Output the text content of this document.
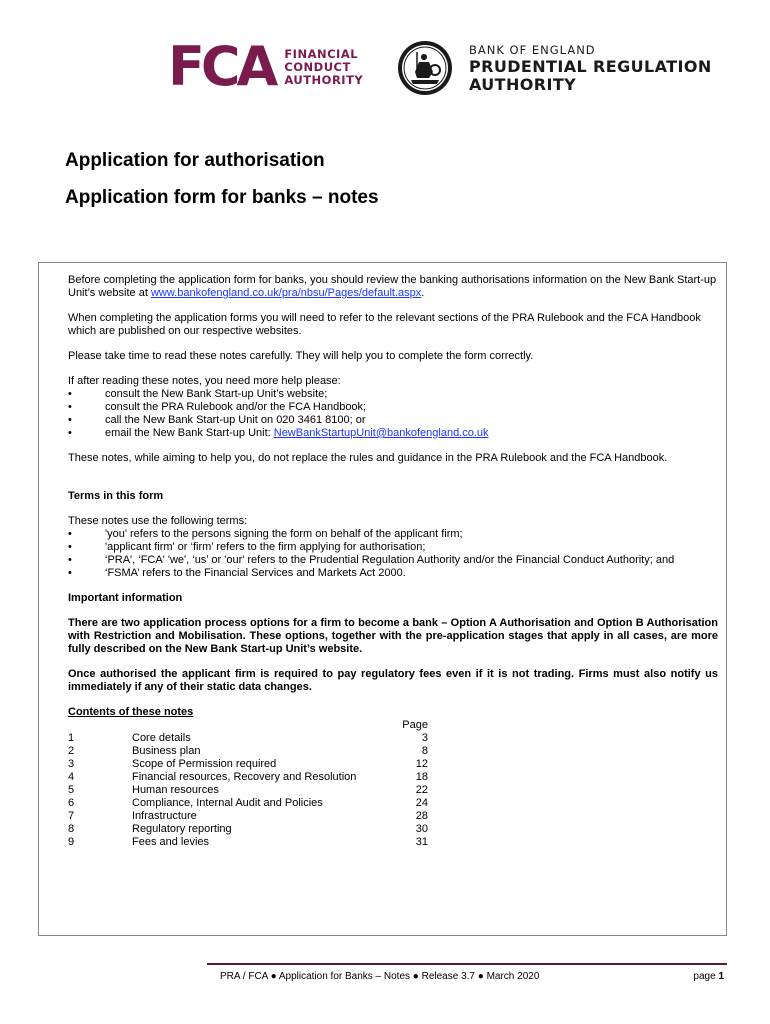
FCA FINANCIAL
CONDUCT
AUTHORITY
BANK OF ENGLAND
PRUDENTIAL REGULATION
AUTHORITY
Application for authorisation
Application form for banks – notes

Before completing the application form for banks, you should review the banking authorisations information on the New Bank Start-up Unit’s website at www.bankofengland.co.uk/pra/nbsu/Pages/default.aspx.

When completing the application forms you will need to refer to the relevant sections of the PRA Rulebook and the FCA Handbook which are published on our respective websites.

Please take time to read these notes carefully. They will help you to complete the form correctly.

If after reading these notes, you need more help please:

• consult the New Bank Start-up Unit’s website;
• consult the PRA Rulebook and/or the FCA Handbook;
• call the New Bank Start-up Unit on 020 3461 8100; or
• email the New Bank Start-up Unit: NewBankStartupUnit@bankofengland.co.uk

These notes, while aiming to help you, do not replace the rules and guidance in the PRA Rulebook and the FCA Handbook.

Terms in this form

These notes use the following terms:

• 'you' refers to the persons signing the form on behalf of the applicant firm;
• 'applicant firm' or ‘firm’ refers to the firm applying for authorisation;
• ‘PRA', ‘FCA' 'we', ‘us’ or 'our' refers to the Prudential Regulation Authority and/or the Financial Conduct Authority; and
• ‘FSMA’ refers to the Financial Services and Markets Act 2000.

Important information

There are two application process options for a firm to become a bank – Option A Authorisation and Option B Authorisation with Restriction and Mobilisation. These options, together with the pre-application stages that apply in all cases, are more fully described on the New Bank Start-up Unit’s website.

Once authorised the applicant firm is required to pay regulatory fees even if it is not trading. Firms must also notify us immediately if any of their static data changes.

Contents of these notes

Page
1	Core details	3
2	Business plan	8
3	Scope of Permission required	12
4	Financial resources, Recovery and Resolution	18
5	Human resources	22
6	Compliance, Internal Audit and Policies	24
7	Infrastructure	28
8	Regulatory reporting	30
9	Fees and levies	31
PRA / FCA ● Application for Banks – Notes ● Release 3.7 ● March 2020	page 1
